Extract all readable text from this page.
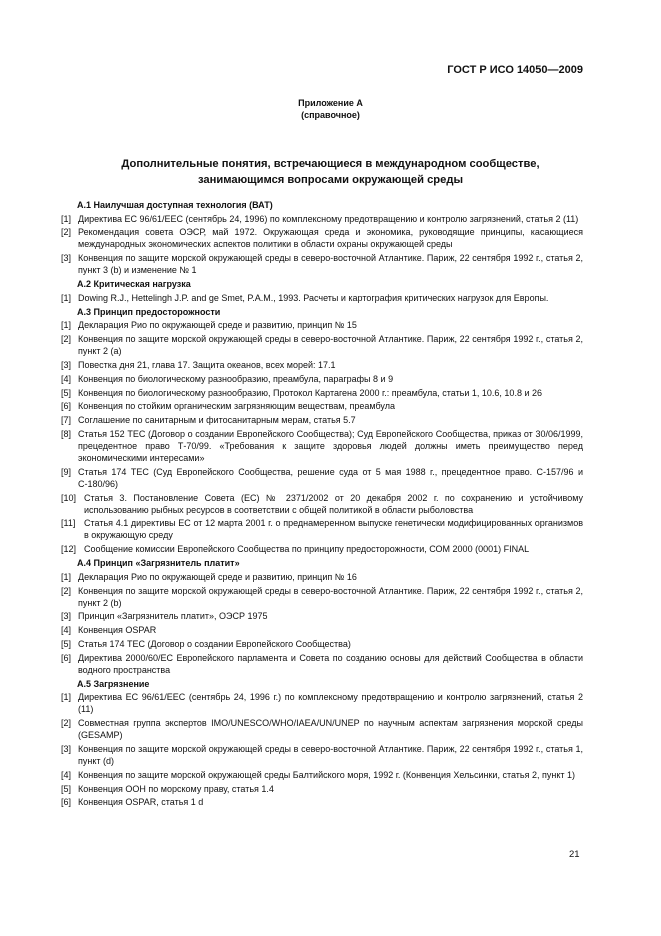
ГОСТ Р ИСО 14050—2009
Приложение А
(справочное)
Дополнительные понятия, встречающиеся в международном сообществе,
занимающимся вопросами окружающей среды
А.1 Наилучшая доступная технология (ВАТ)
[1] Директива ЕС 96/61/ЕЕС (сентябрь 24, 1996) по комплексному предотвращению и контролю загрязнений, статья 2 (11)
[2] Рекомендация совета ОЭСР, май 1972. Окружающая среда и экономика, руководящие принципы, касающиеся международных экономических аспектов политики в области охраны окружающей среды
[3] Конвенция по защите морской окружающей среды в северо-восточной Атлантике. Париж, 22 сентября 1992 г., статья 2, пункт 3 (b) и изменение № 1
А.2 Критическая нагрузка
[1] Dowing R.J., Hettelingh J.P. and ge Smet, P.A.M., 1993. Расчеты и картография критических нагрузок для Европы.
А.3 Принцип предосторожности
[1] Декларация Рио по окружающей среде и развитию, принцип № 15
[2] Конвенция по защите морской окружающей среды в северо-восточной Атлантике. Париж, 22 сентября 1992 г., статья 2, пункт 2 (а)
[3] Повестка дня 21, глава 17. Защита океанов, всех морей: 17.1
[4] Конвенция по биологическому разнообразию, преамбула, параграфы 8 и 9
[5] Конвенция по биологическому разнообразию, Протокол Картагена 2000 г.: преамбула, статьи 1, 10.6, 10.8 и 26
[6] Конвенция по стойким органическим загрязняющим веществам, преамбула
[7] Соглашение по санитарным и фитосанитарным мерам, статья 5.7
[8] Статья 152 ТЕС (Договор о создании Европейского Сообщества); Суд Европейского Сообщества, приказ от 30/06/1999, прецедентное право Т-70/99. «Требования к защите здоровья людей должны иметь преимущество перед экономическими интересами»
[9] Статья 174 ТЕС (Суд Европейского Сообщества, решение суда от 5 мая 1988 г., прецедентное право. С-157/96 и С-180/96)
[10] Статья 3. Постановление Совета (ЕС) № 2371/2002 от 20 декабря 2002 г. по сохранению и устойчивому использованию рыбных ресурсов в соответствии с общей политикой в области рыболовства
[11] Статья 4.1 директивы ЕС от 12 марта 2001 г. о преднамеренном выпуске генетически модифицированных организмов в окружающую среду
[12] Сообщение комиссии Европейского Сообщества по принципу предосторожности, СОМ 2000 (0001) FINAL
А.4 Принцип «Загрязнитель платит»
[1] Декларация Рио по окружающей среде и развитию, принцип № 16
[2] Конвенция по защите морской окружающей среды в северо-восточной Атлантике. Париж, 22 сентября 1992 г., статья 2, пункт 2 (b)
[3] Принцип «Загрязнитель платит», ОЭСР 1975
[4] Конвенция OSPAR
[5] Статья 174 ТЕС (Договор о создании Европейского Сообщества)
[6] Директива 2000/60/ЕС Европейского парламента и Совета по созданию основы для действий Сообщества в области водного пространства
А.5 Загрязнение
[1] Директива ЕС 96/61/ЕЕС (сентябрь 24, 1996 г.) по комплексному предотвращению и контролю загрязнений, статья 2 (11)
[2] Совместная группа экспертов IMO/UNESCO/WHO/IAEA/UN/UNEP по научным аспектам загрязнения морской среды (GESAMP)
[3] Конвенция по защите морской окружающей среды в северо-восточной Атлантике. Париж, 22 сентября 1992 г., статья 1, пункт (d)
[4] Конвенция по защите морской окружающей среды Балтийского моря, 1992 г. (Конвенция Хельсинки, статья 2, пункт 1)
[5] Конвенция ООН по морскому праву, статья 1.4
[6] Конвенция OSPAR, статья 1 d
21
